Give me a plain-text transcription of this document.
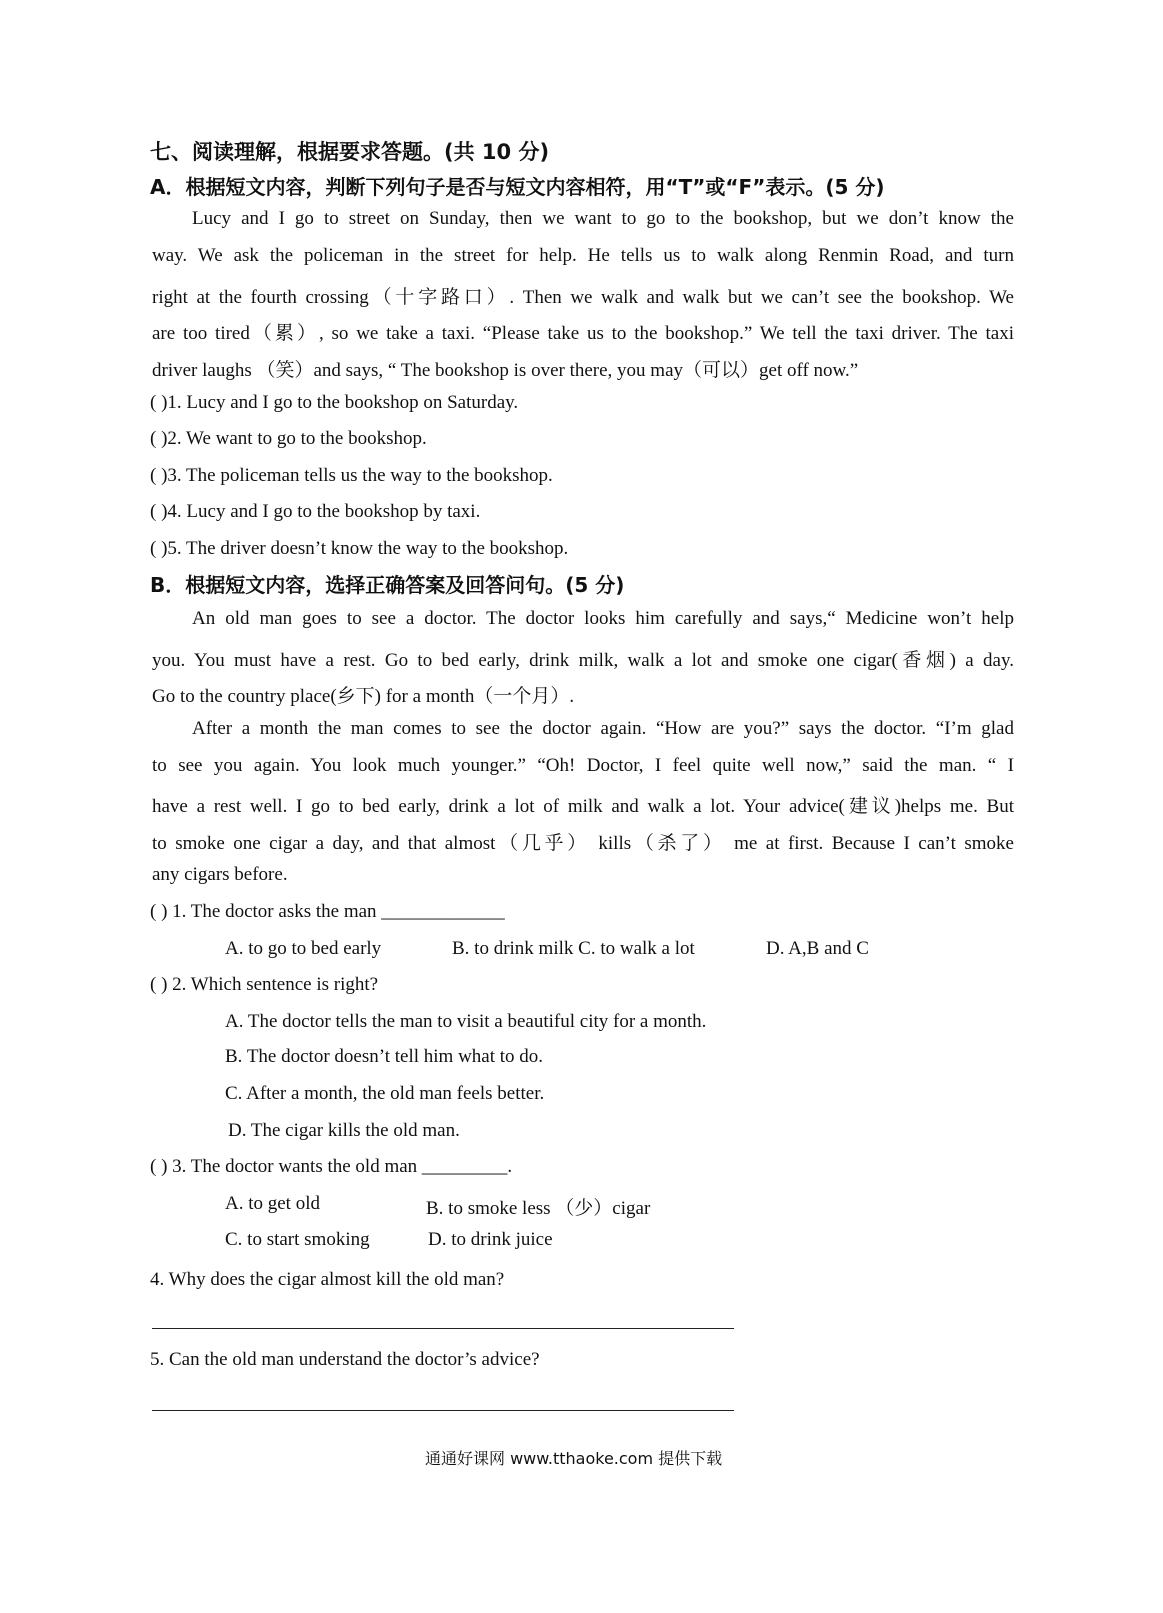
七、阅读理解，根据要求答题。(共 10 分)
A．根据短文内容，判断下列句子是否与短文内容相符，用“T”或“F”表示。(5 分)
Lucy and I go to street on Sunday, then we want to go to the bookshop, but we don’t know the
way. We ask the policeman in the street for help. He tells us to walk along Renmin Road, and turn
right at the fourth crossing（十字路口）. Then we walk and walk but we can’t see the bookshop. We
are too tired（累）, so we take a taxi. “Please take us to the bookshop.” We tell the taxi driver. The taxi
driver laughs （笑）and says, “ The bookshop is over there, you may（可以）get off now.”
( )1. Lucy and I go to the bookshop on Saturday.
( )2. We want to go to the bookshop.
( )3. The policeman tells us the way to the bookshop.
( )4. Lucy and I go to the bookshop by taxi.
( )5. The driver doesn’t know the way to the bookshop.
B．根据短文内容，选择正确答案及回答问句。(5 分)
An old man goes to see a doctor. The doctor looks him carefully and says,“ Medicine won’t help
you. You must have a rest. Go to bed early, drink milk, walk a lot and smoke one cigar(香烟) a day.
Go to the country place(乡下) for a month（一个月）.
After a month the man comes to see the doctor again. “How are you?” says the doctor. “I’m glad
to see you again. You look much younger.” “Oh! Doctor, I feel quite well now,” said the man. “ I
have a rest well. I go to bed early, drink a lot of milk and walk a lot. Your advice(建议)helps me. But
to smoke one cigar a day, and that almost（几乎） kills（杀了） me at first. Because I can’t smoke
any cigars before.
( ) 1. The doctor asks the man _____________
A. to go to bed early	B. to drink milk C. to walk a lot	D. A,B and C
( ) 2. Which sentence is right?
A. The doctor tells the man to visit a beautiful city for a month.
B. The doctor doesn’t tell him what to do.
C. After a month, the old man feels better.
D. The cigar kills the old man.
( ) 3. The doctor wants the old man _________.
A. to get old	B. to smoke less （少）cigar
C. to start smoking	D. to drink juice
4. Why does the cigar almost kill the old man?
5. Can the old man understand the doctor’s advice?
通通好课网 www.tthaoke.com 提供下载
